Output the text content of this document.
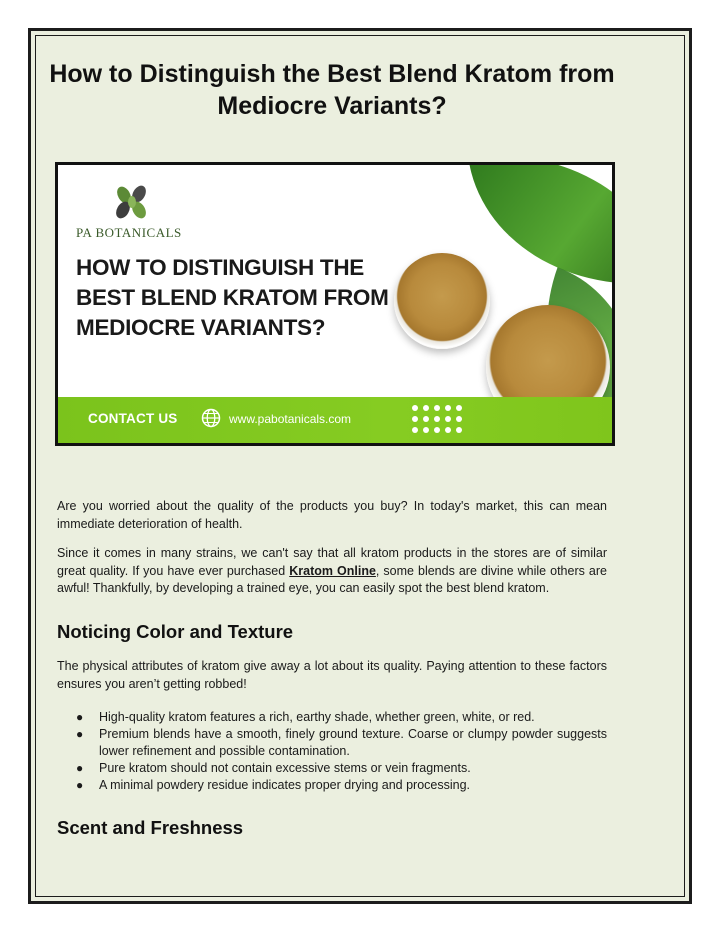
How to Distinguish the Best Blend Kratom from Mediocre Variants?
PA BOTANICALS
HOW TO DISTINGUISH THE BEST BLEND KRATOM FROM MEDIOCRE VARIANTS?
CONTACT US	www.pabotanicals.com
Are you worried about the quality of the products you buy? In today's market, this can mean immediate deterioration of health.
Since it comes in many strains, we can't say that all kratom products in the stores are of similar great quality. If you have ever purchased Kratom Online, some blends are divine while others are awful! Thankfully, by developing a trained eye, you can easily spot the best blend kratom.
Noticing Color and Texture
The physical attributes of kratom give away a lot about its quality. Paying attention to these factors ensures you aren’t getting robbed!
● High-quality kratom features a rich, earthy shade, whether green, white, or red.
● Premium blends have a smooth, finely ground texture. Coarse or clumpy powder suggests lower refinement and possible contamination.
● Pure kratom should not contain excessive stems or vein fragments.
● A minimal powdery residue indicates proper drying and processing.
Scent and Freshness
